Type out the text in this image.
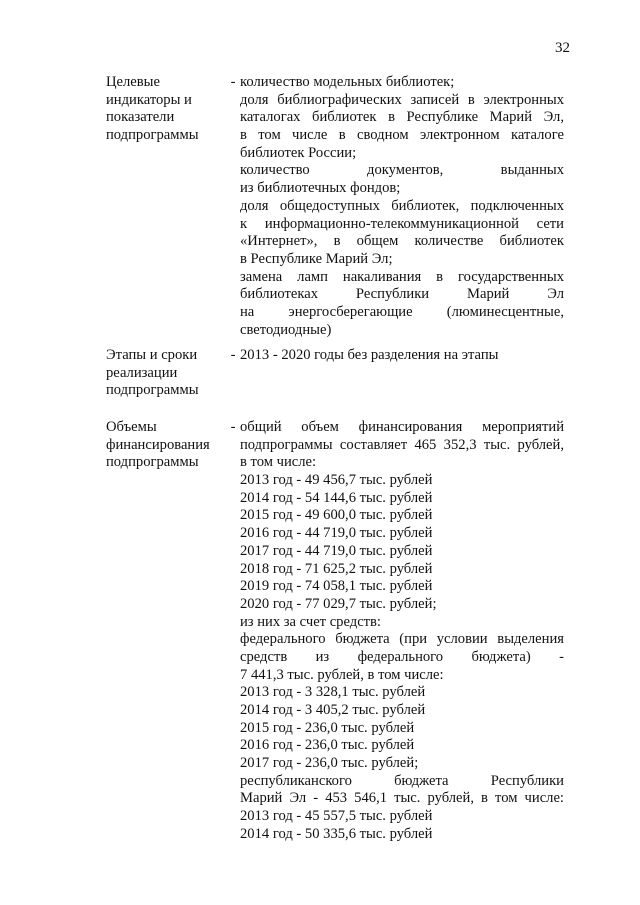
32
Целевые
индикаторы и
показатели
подпрограммы
- количество модельных библиотек;
доля библиографических записей в электронных
каталогах библиотек в Республике Марий Эл,
в том числе в сводном электронном каталоге
библиотек России;
количество документов, выданных
из библиотечных фондов;
доля общедоступных библиотек, подключенных
к информационно-телекоммуникационной сети
«Интернет», в общем количестве библиотек
в Республике Марий Эл;
замена ламп накаливания в государственных
библиотеках Республики Марий Эл
на энергосберегающие (люминесцентные,
светодиодные)
Этапы и сроки
реализации
подпрограммы
- 2013 - 2020 годы без разделения на этапы
Объемы
финансирования
подпрограммы
- общий объем финансирования мероприятий
подпрограммы составляет 465 352,3 тыс. рублей,
в том числе:
2013 год - 49 456,7 тыс. рублей
2014 год - 54 144,6 тыс. рублей
2015 год - 49 600,0 тыс. рублей
2016 год - 44 719,0 тыс. рублей
2017 год - 44 719,0 тыс. рублей
2018 год - 71 625,2 тыс. рублей
2019 год - 74 058,1 тыс. рублей
2020 год - 77 029,7 тыс. рублей;
из них за счет средств:
федерального бюджета (при условии выделения
средств из федерального бюджета) -
7 441,3 тыс. рублей, в том числе:
2013 год - 3 328,1 тыс. рублей
2014 год - 3 405,2 тыс. рублей
2015 год - 236,0 тыс. рублей
2016 год - 236,0 тыс. рублей
2017 год - 236,0 тыс. рублей;
республиканского бюджета Республики
Марий Эл - 453 546,1 тыс. рублей, в том числе:
2013 год - 45 557,5 тыс. рублей
2014 год - 50 335,6 тыс. рублей
